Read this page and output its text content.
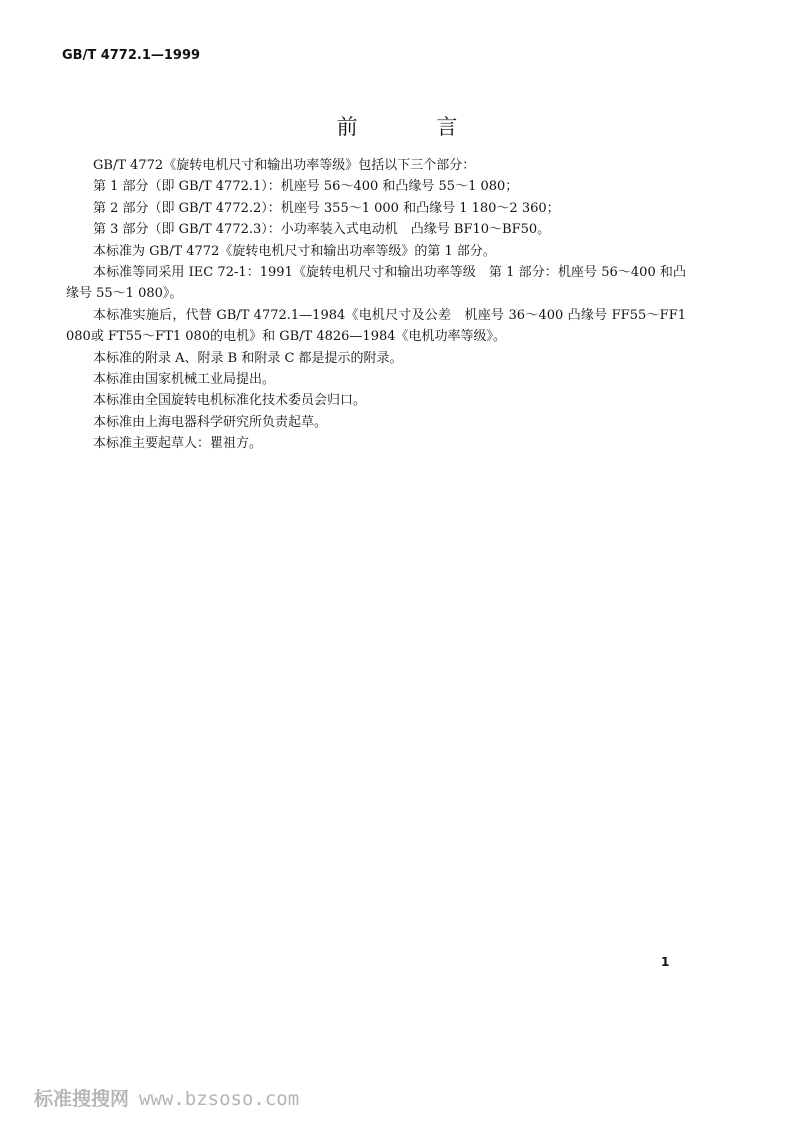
GB/T 4772.1—1999
前 言

GB/T 4772《旋转电机尺寸和输出功率等级》包括以下三个部分：

第 1 部分（即 GB/T 4772.1）：机座号 56～400 和凸缘号 55～1 080；

第 2 部分（即 GB/T 4772.2）：机座号 355～1 000 和凸缘号 1 180～2 360；

第 3 部分（即 GB/T 4772.3）：小功率装入式电动机　凸缘号 BF10～BF50。

本标准为 GB/T 4772《旋转电机尺寸和输出功率等级》的第 1 部分。

本标准等同采用 IEC 72-1：1991《旋转电机尺寸和输出功率等级　第 1 部分：机座号 56～400 和凸缘号 55～1 080》。

本标准实施后，代替 GB/T 4772.1—1984《电机尺寸及公差　机座号 36～400 凸缘号 FF55～FF1 080或 FT55～FT1 080的电机》和 GB/T 4826—1984《电机功率等级》。

本标准的附录 A、附录 B 和附录 C 都是提示的附录。

本标准由国家机械工业局提出。

本标准由全国旋转电机标准化技术委员会归口。

本标准由上海电器科学研究所负责起草。

本标准主要起草人：瞿祖方。

1
标准搜搜网 www.bzsoso.com
